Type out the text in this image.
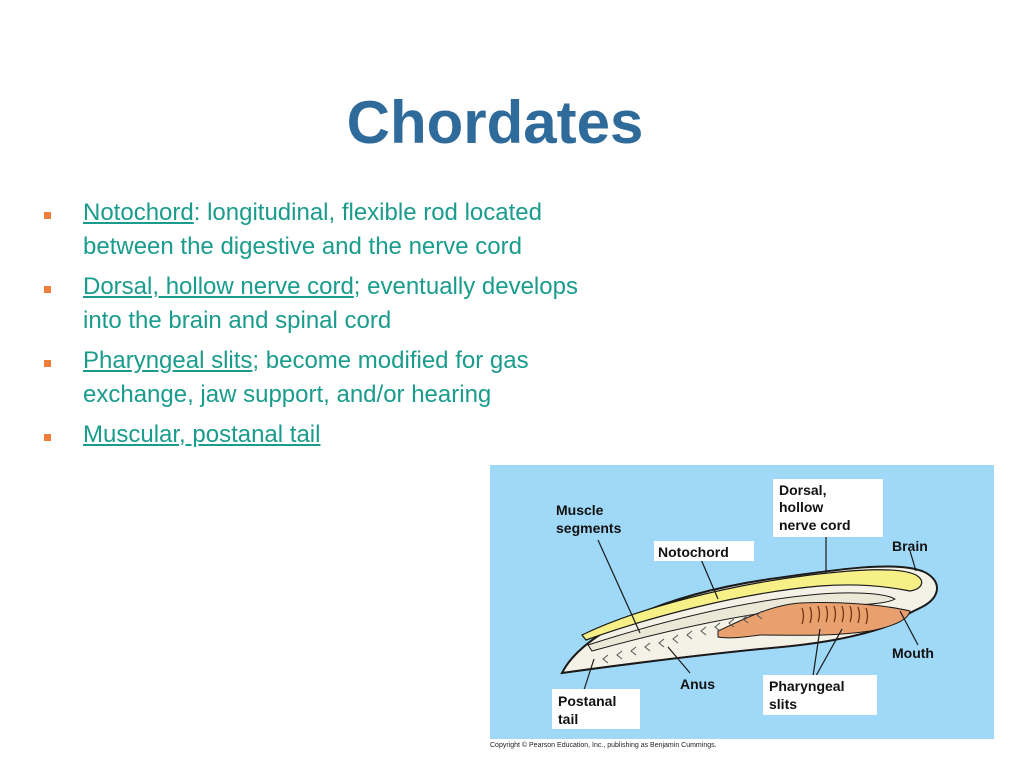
Chordates
Notochord: longitudinal, flexible rod located between the digestive and the nerve cord
Dorsal, hollow nerve cord; eventually develops into the brain and spinal cord
Pharyngeal slits; become modified for gas exchange, jaw support, and/or hearing
Muscular, postanal tail
Muscle
segments
Notochord
Dorsal,
hollow
nerve cord
Brain
Mouth
Anus
Postanal
tail
Pharyngeal
slits
Copyright © Pearson Education, Inc., publishing as Benjamin Cummings.
